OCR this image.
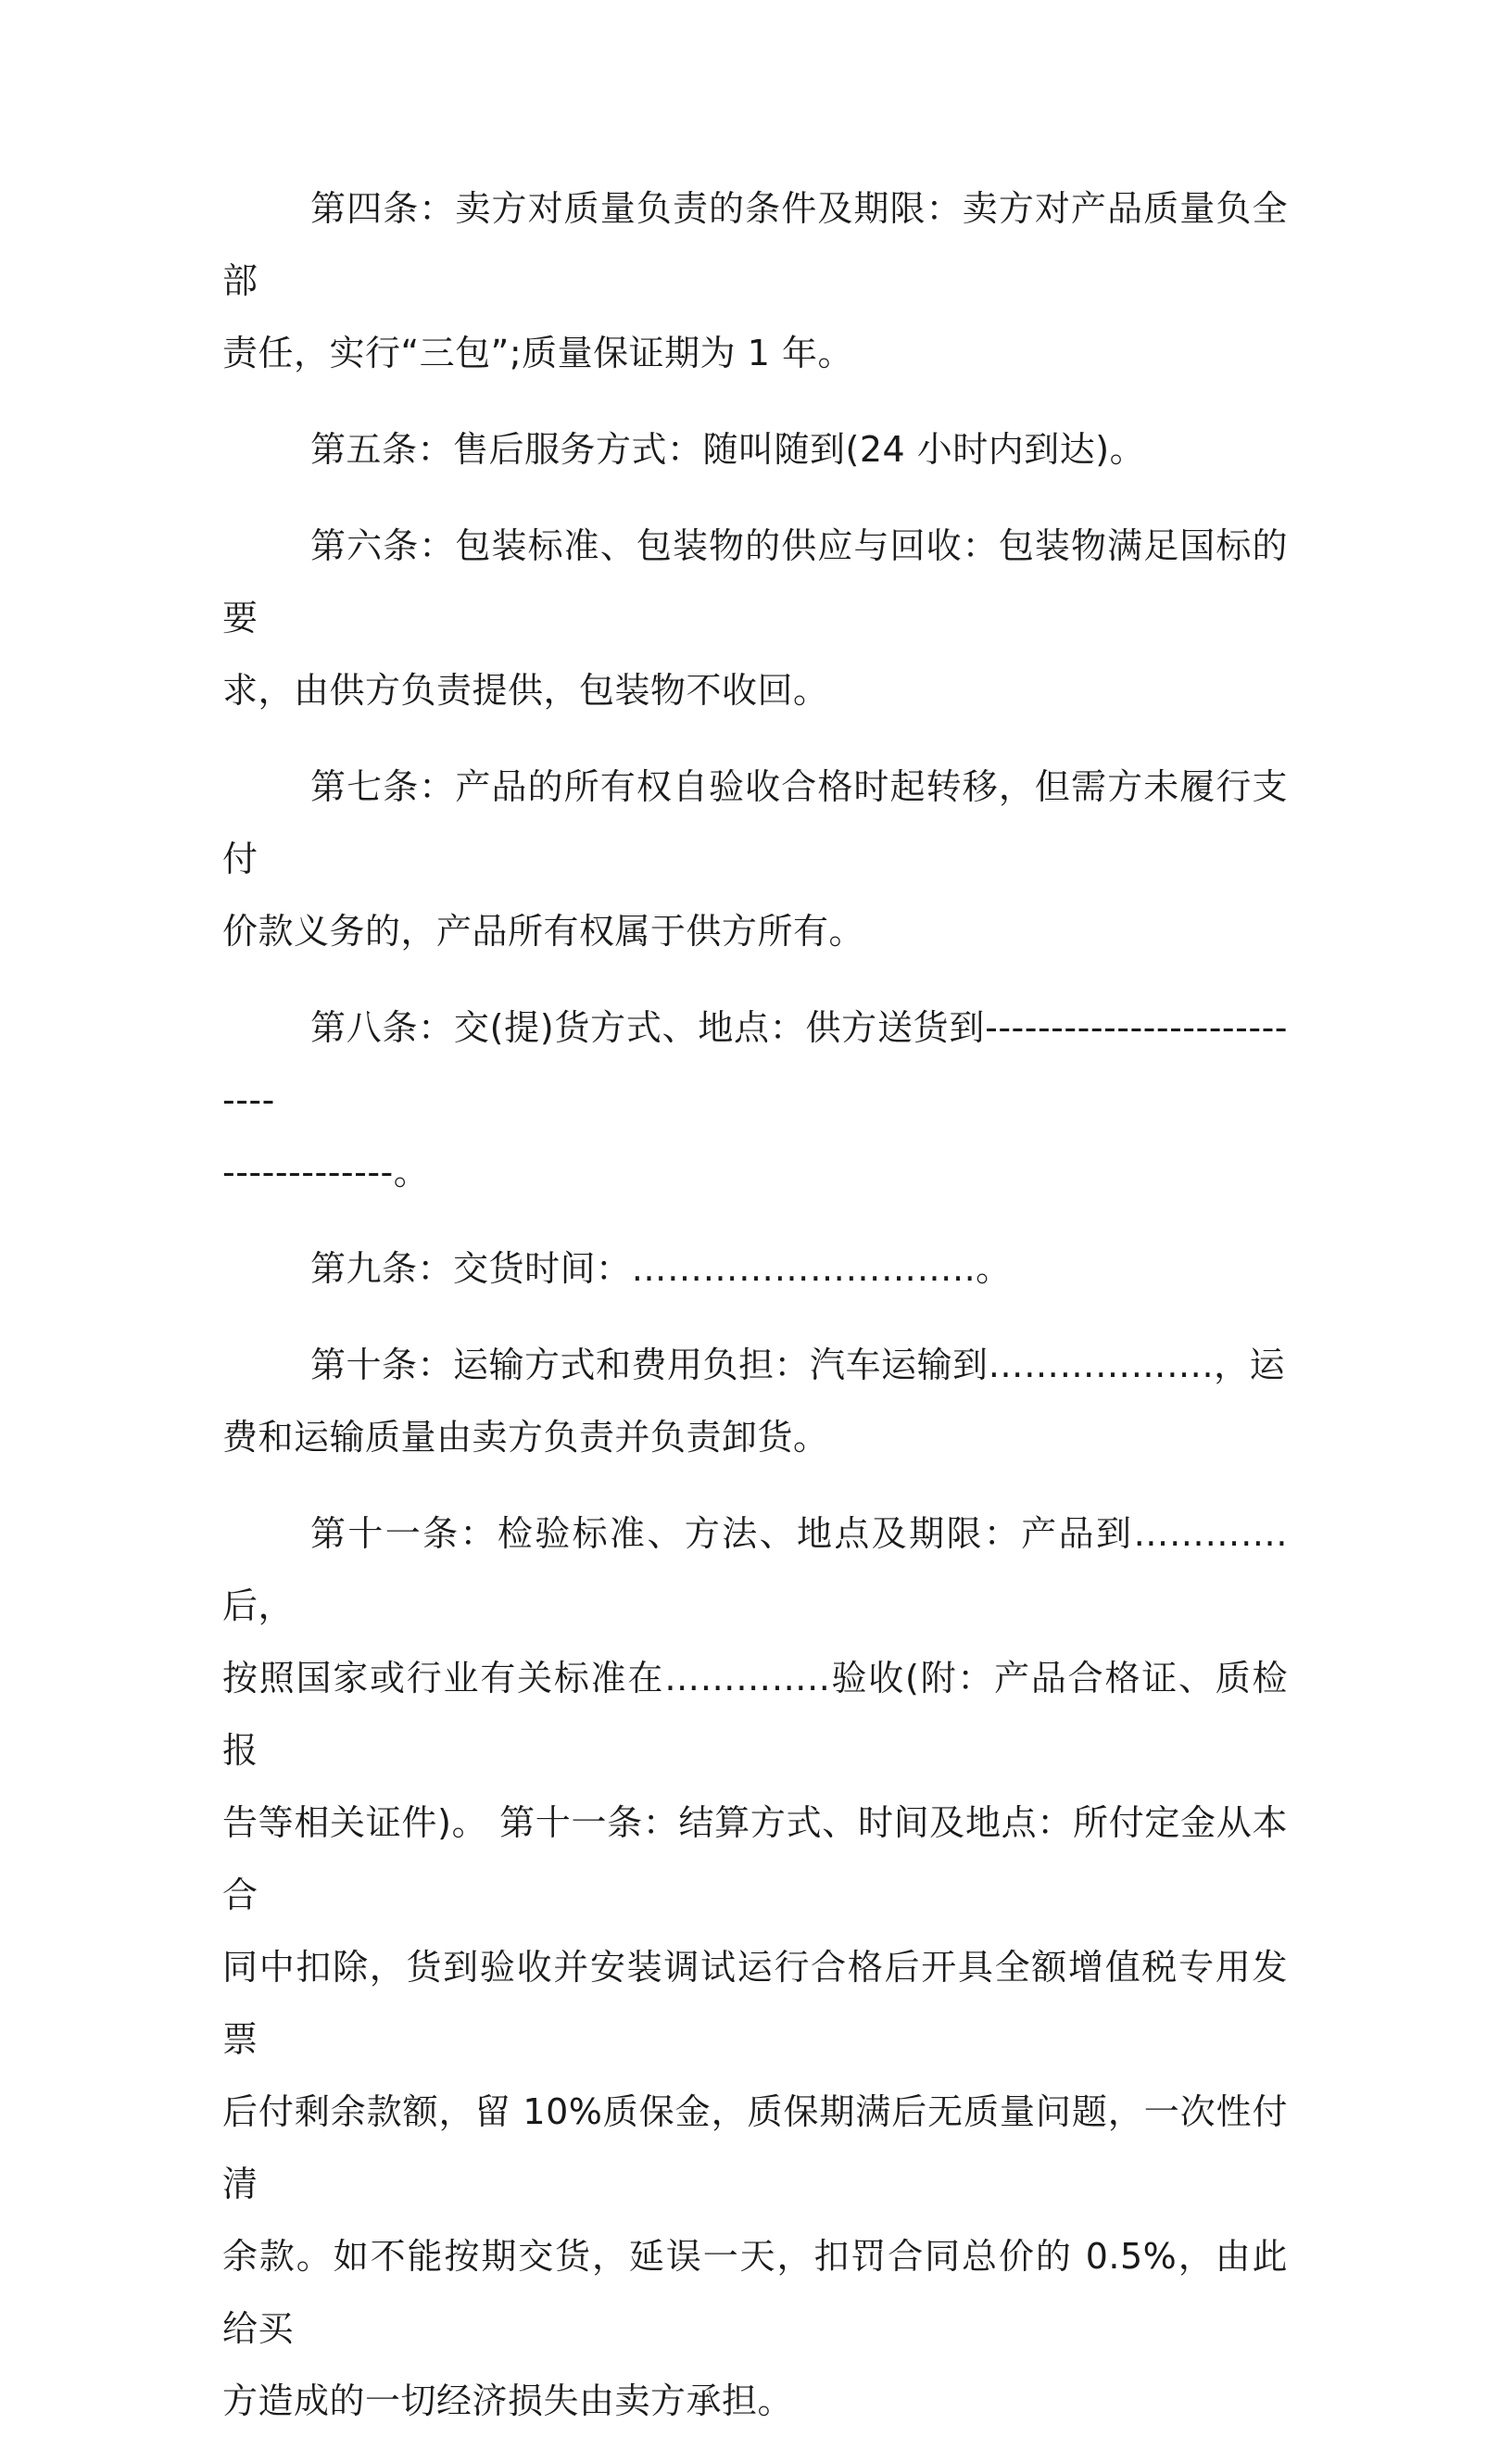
第四条：卖方对质量负责的条件及期限：卖方对产品质量负全部
责任，实行“三包”;质量保证期为 1 年。

第五条：售后服务方式：随叫随到(24 小时内到达)。

第六条：包装标准、包装物的供应与回收：包装物满足国标的要
求，由供方负责提供，包装物不收回。

第七条：产品的所有权自验收合格时起转移，但需方未履行支付
价款义务的，产品所有权属于供方所有。

第八条：交(提)货方式、地点：供方送货到---------------------------
-------------。

第九条：交货时间：………………………..。

第十条：运输方式和费用负担：汽车运输到……………….，运
费和运输质量由卖方负责并负责卸货。

第十一条：检验标准、方法、地点及期限：产品到………….后，
按照国家或行业有关标准在…………..验收(附：产品合格证、质检报
告等相关证件)。 第十一条：结算方式、时间及地点：所付定金从本合
同中扣除，货到验收并安装调试运行合格后开具全额增值税专用发票
后付剩余款额，留 10%质保金，质保期满后无质量问题，一次性付清
余款。如不能按期交货，延误一天，扣罚合同总价的 0.5%，由此给买
方造成的一切经济损失由卖方承担。
